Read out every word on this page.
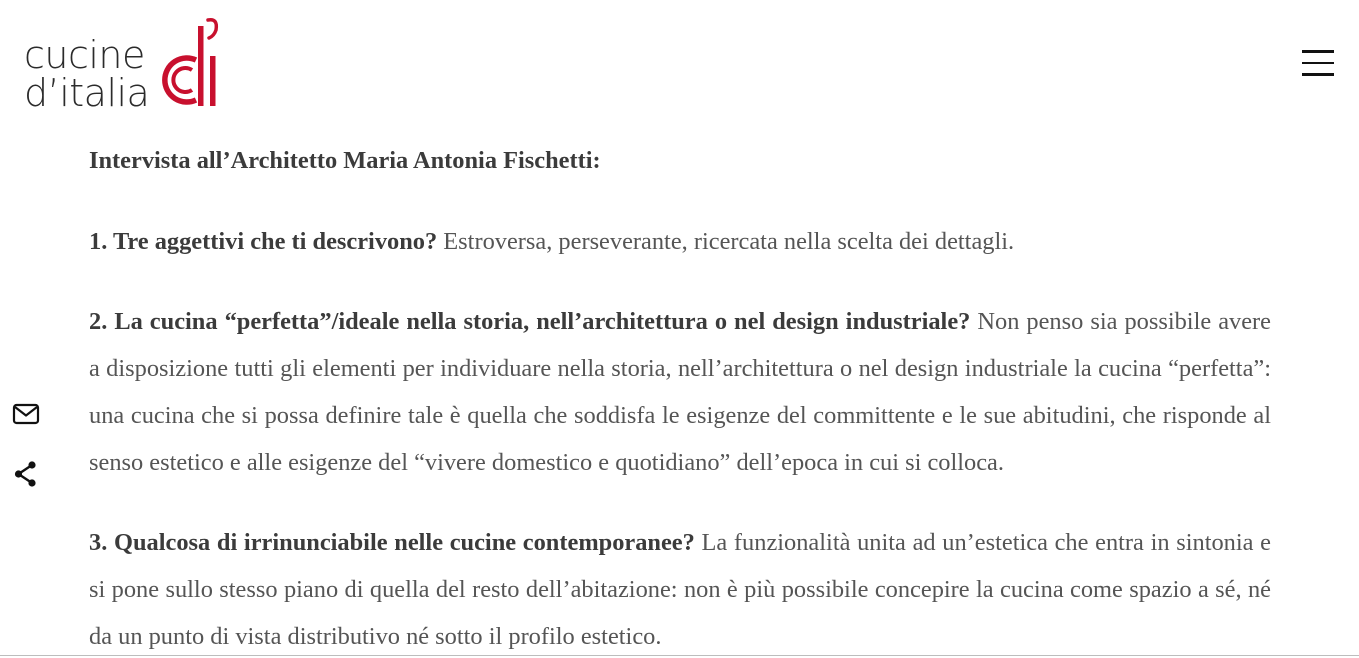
cucine
d’italia

Intervista all’Architetto Maria Antonia Fischetti:

1. Tre aggettivi che ti descrivono? Estroversa, perseverante, ricercata nella scelta dei dettagli.

2. La cucina “perfetta”/ideale nella storia, nell’architettura o nel design industriale? Non penso sia possibile avere a disposizione tutti gli elementi per individuare nella storia, nell’architettura o nel design industriale la cucina “perfetta”: una cucina che si possa definire tale è quella che soddisfa le esigenze del committente e le sue abitudini, che risponde al senso estetico e alle esigenze del “vivere domestico e quotidiano” dell’epoca in cui si colloca.

3. Qualcosa di irrinunciabile nelle cucine contemporanee? La funzionalità unita ad un’estetica che entra in sintonia e si pone sullo stesso piano di quella del resto dell’abitazione: non è più possibile concepire la cucina come spazio a sé, né da un punto di vista distributivo né sotto il profilo estetico.
